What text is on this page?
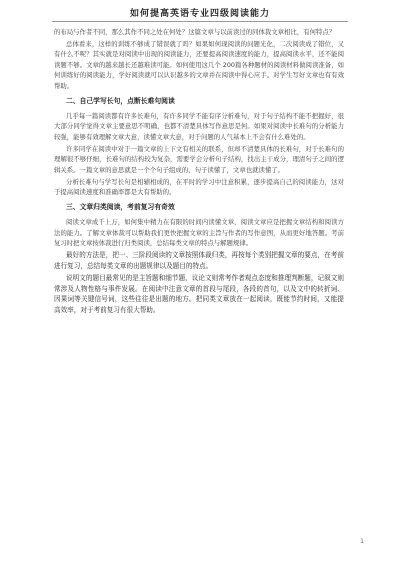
如何提高英语专业四级阅读能力

的布局与作者不同，那么其作不同之处在何处？这篇文章与以前读过的同体裁文章相比，有何特点？

总体看来，这样的训练不够成了错误就了吗？如果如何现阅读的问题光化，二次阅读成了错位，又有什么不呢？其实就是对阅读中出现的阅读能力，还要提高阅读速度的能力，提高阅读水平，还不能阅读题不够。文章的越来越长还越难读可能。如何使用这几个 200篇各种题材的阅读材料做阅读准备，如何训练好的阅读能力，学好阅读就可以认识越多的文章并在阅读中得心应手。对学生写好文章也有有效帮助。

二、自己学写长句，点断长难句阅读

几乎每一篇阅读都有许多长难句，有许多同学不能有序分析难句，对于句子结构不能不把握好，很大部分同学觉得文章主要意思不明确，也都不清楚具体写作意思是何。如果对阅读中长难句的分析能力较强，能够有效理解文章大意，读懂文章大意，对于问题的人气基本上不会有什么难处的。

许多同学在阅读中对于一篇文章的上下文有相关的联系，但却不清楚具体的长难句，对于长难句的理解很不够仔细，长难句的结构较为复杂，需要学会分析句子结构，找出主干成分，理清句子之间的逻辑关系。一篇文章的意思就是一个个句子组成的，句子读懂了，文章也就读懂了。

分析长难句与学写长句是相辅相成的，在平时的学习中注意积累，逐步提高自己的阅读能力，这对于提高阅读速度和准确率都是大有帮助的。

三、文章归类阅读，考前复习有奇效

阅读文章成千上万，如何集中精力在有限的时间内读懂文章，阅读文章应是把握文章结构和阅读方法的能力。了解文章体裁可以帮助我们更快把握文章的主旨与作者的写作意图，从而更好地答题。考前复习时把文章按体裁进行归类阅读，总结每类文章的特点与解题规律。

最好的方法是，把一、三阶段阅读的文章按照体裁归类，再按每个类别把握文章的要点，在考前进行复习，总结每类文章的出题规律以及题目的特点。

说明文的题目最常见的是主旨题和细节题，议论文则常考作者观点态度和推理判断题，记叙文则常涉及人物性格与事件发展。在阅读中注意文章的首段与尾段，各段的首句，以及文中的转折词、因果词等关键信号词，这些往往是出题的地方。把同类文章放在一起阅读，既能节约时间，又能提高效率，对于考前复习有很大帮助。

1
